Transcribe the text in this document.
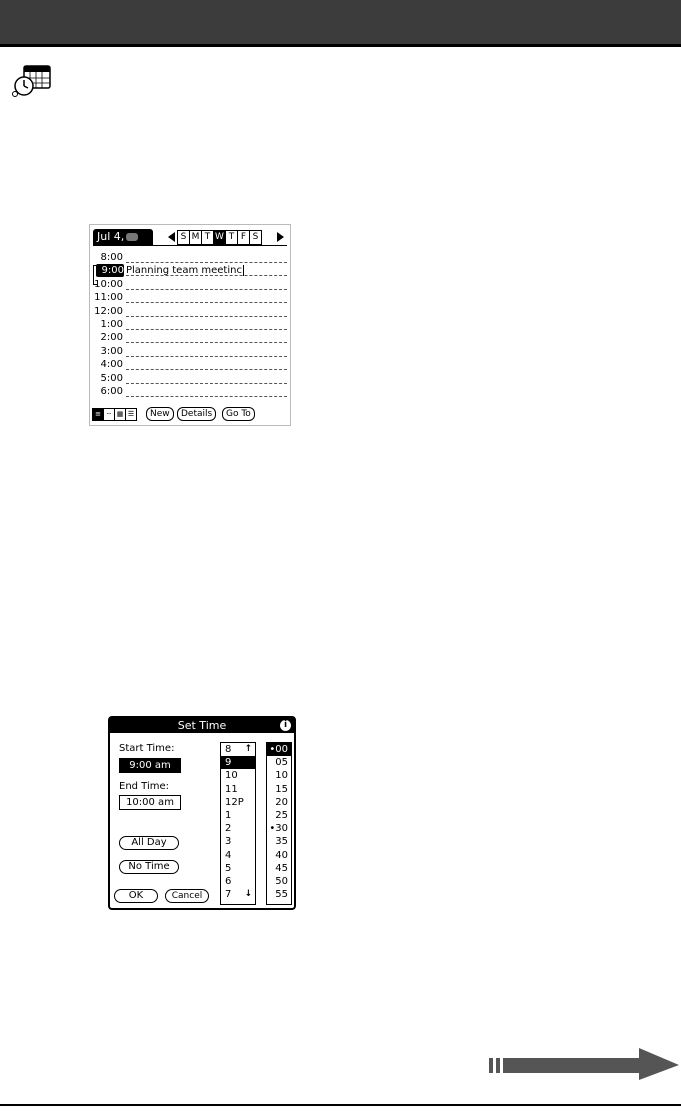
Jul 4,	S M T W T F S
8:00
9:00 Planning team meetinc
10:00
11:00
12:00
1:00
2:00
3:00
4:00
5:00
6:00
≡ ┄ ▦ ☰	New	Details	Go To
Set Time	i
Start Time:
9:00 am
End Time:
10:00 am
All Day
No Time
OK	Cancel
8 ↑
9
10
11
12P
1
2
3
4
5
6
7 ↓
•00
05
10
15
20
25
•30
35
40
45
50
55
